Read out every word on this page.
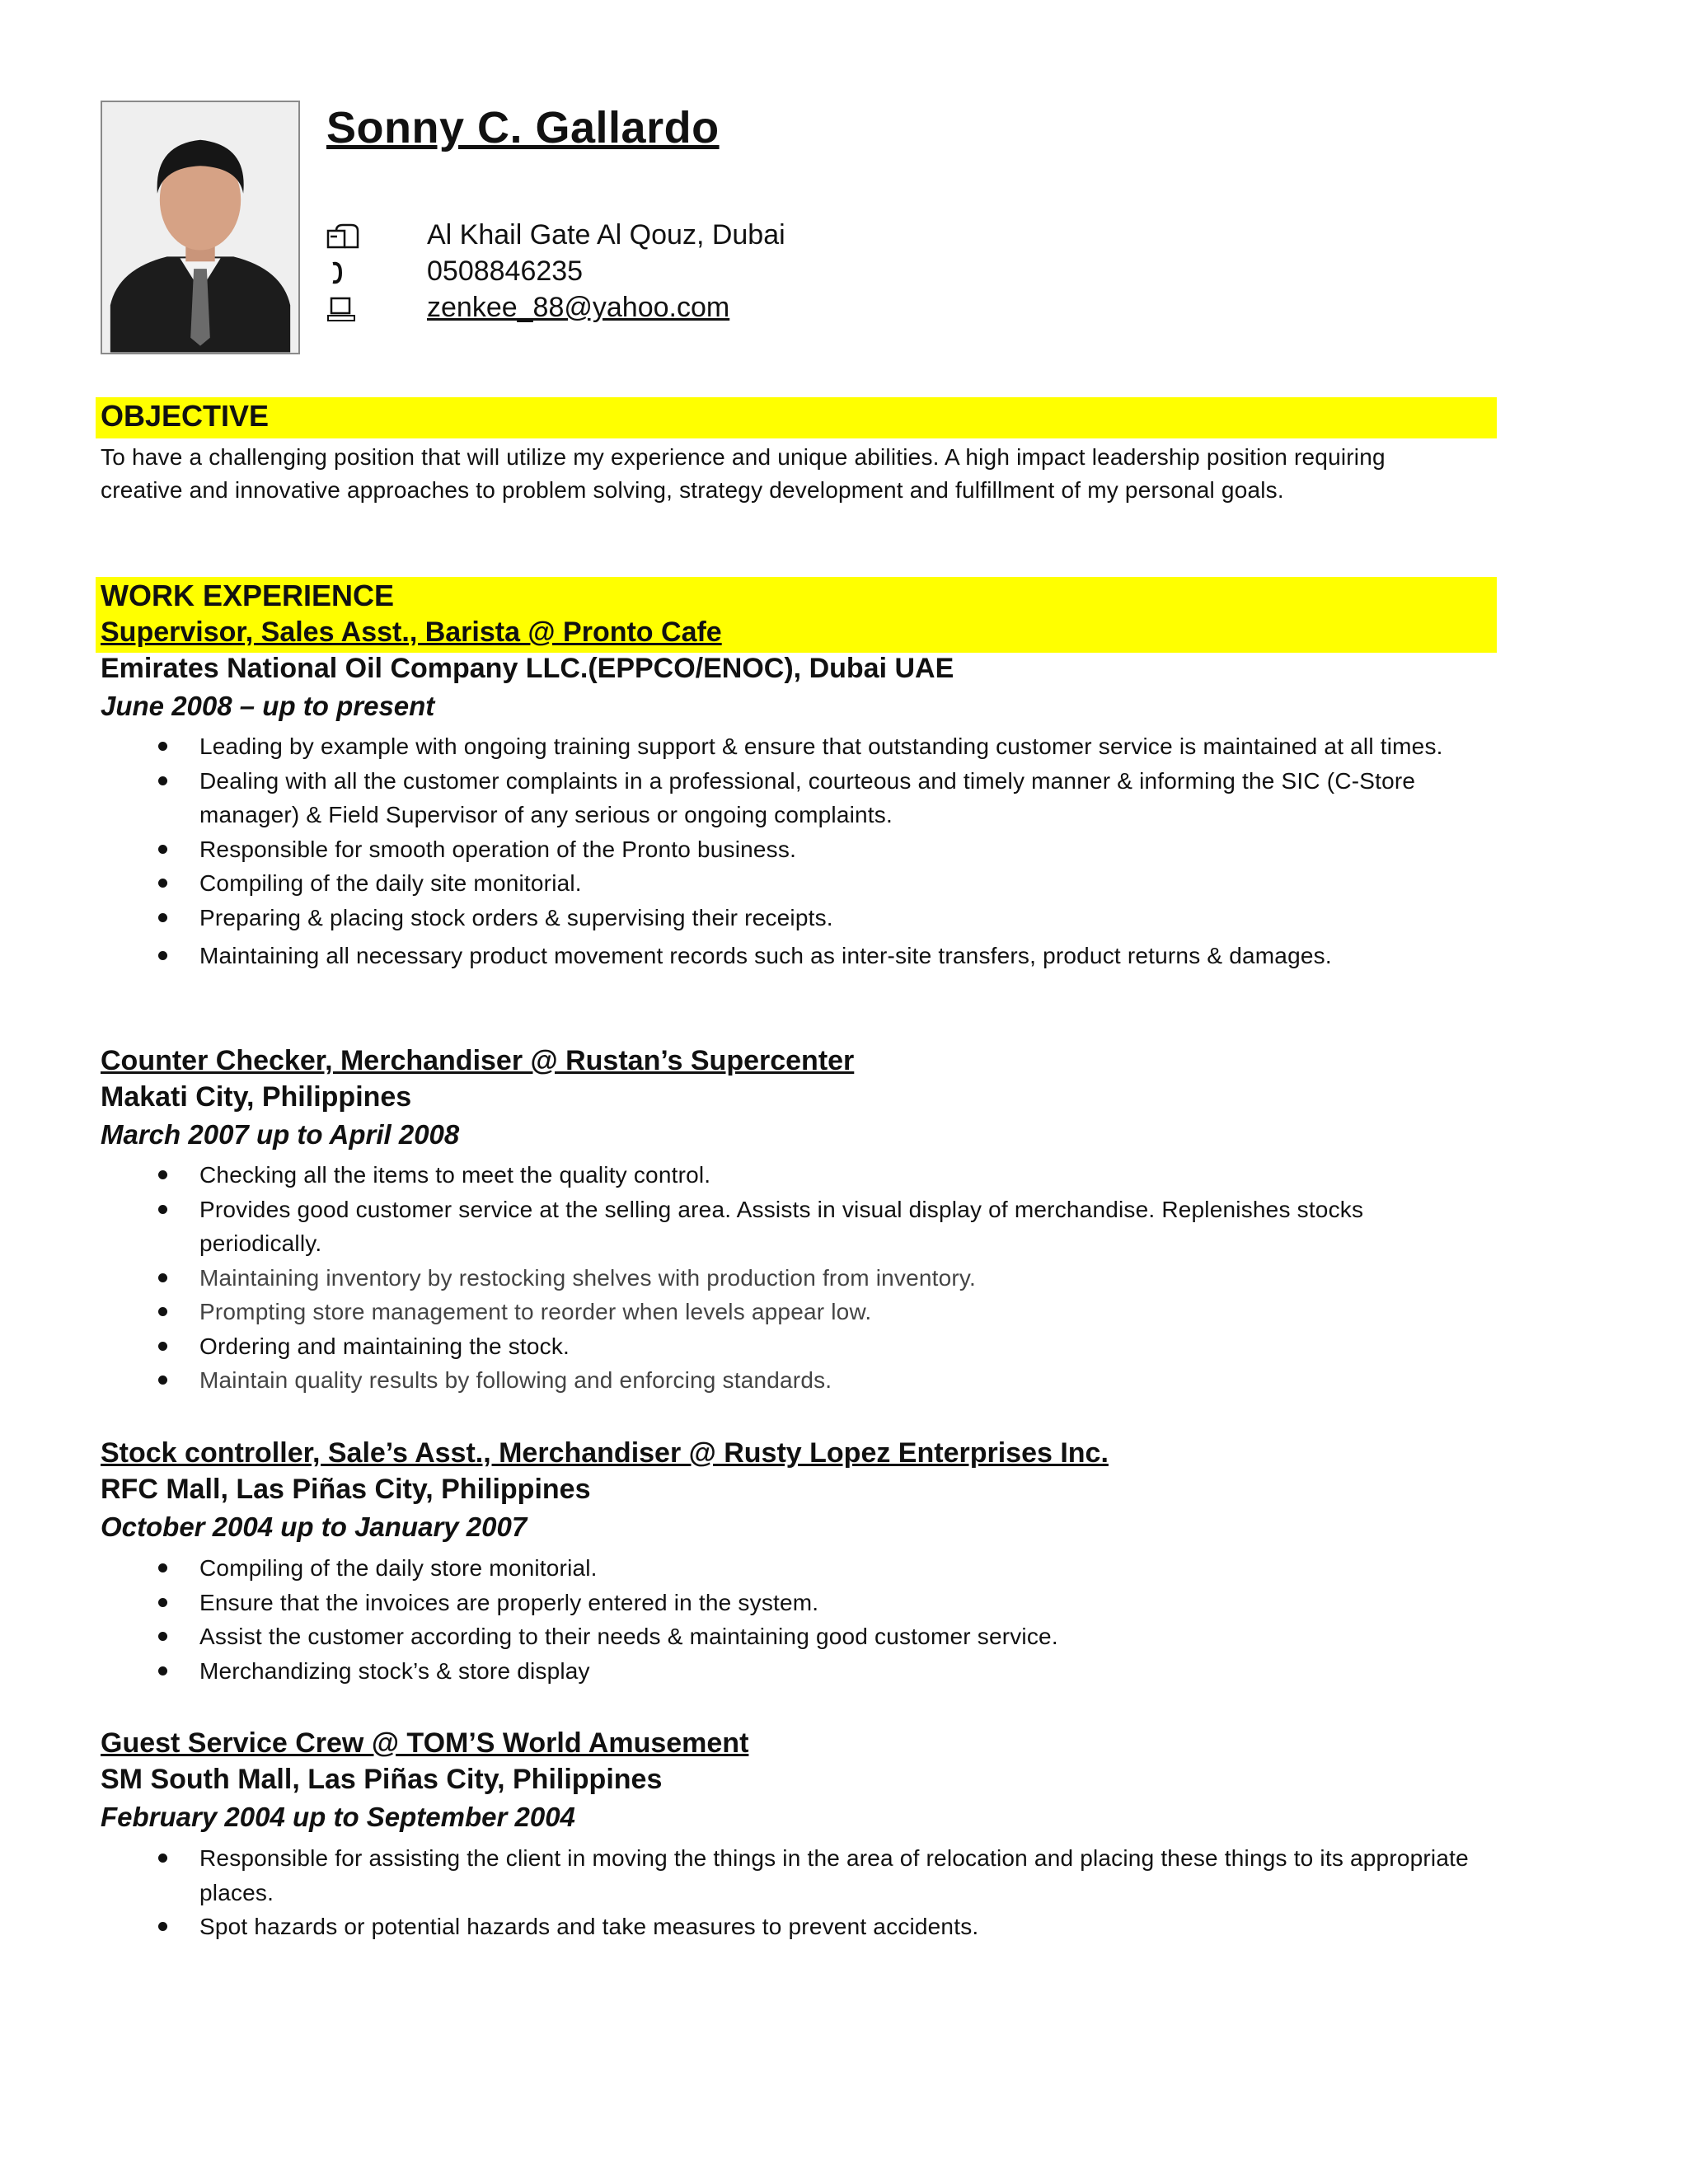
Sonny C. Gallardo
Al Khail Gate Al Qouz, Dubai
0508846235
zenkee_88@yahoo.com
OBJECTIVE

To have a challenging position that will utilize my experience and unique abilities. A high impact leadership position requiring creative and innovative approaches to problem solving, strategy development and fulfillment of my personal goals.

WORK EXPERIENCE
Supervisor, Sales Asst., Barista @ Pronto Cafe
Emirates National Oil Company LLC.(EPPCO/ENOC), Dubai UAE
June 2008 – up to present
Leading by example with ongoing training support & ensure that outstanding customer service is maintained at all times.
Dealing with all the customer complaints in a professional, courteous and timely manner & informing the SIC (C-Store manager) & Field Supervisor of any serious or ongoing complaints.
Responsible for smooth operation of the Pronto business.
Compiling of the daily site monitorial.
Preparing & placing stock orders & supervising their receipts.
Maintaining all necessary product movement records such as inter-site transfers, product returns & damages.
Counter Checker, Merchandiser @ Rustan’s Supercenter
Makati City, Philippines
March 2007 up to April 2008
Checking all the items to meet the quality control.
Provides good customer service at the selling area. Assists in visual display of merchandise. Replenishes stocks periodically.
Maintaining inventory by restocking shelves with production from inventory.
Prompting store management to reorder when levels appear low.
Ordering and maintaining the stock.
Maintain quality results by following and enforcing standards.
Stock controller, Sale’s Asst., Merchandiser @ Rusty Lopez Enterprises Inc.
RFC Mall, Las Piñas City, Philippines
October 2004 up to January 2007
Compiling of the daily store monitorial.
Ensure that the invoices are properly entered in the system.
Assist the customer according to their needs & maintaining good customer service.
Merchandizing stock’s & store display
Guest Service Crew @ TOM’S World Amusement
SM South Mall, Las Piñas City, Philippines
February 2004 up to September 2004
Responsible for assisting the client in moving the things in the area of relocation and placing these things to its appropriate places.
Spot hazards or potential hazards and take measures to prevent accidents.
